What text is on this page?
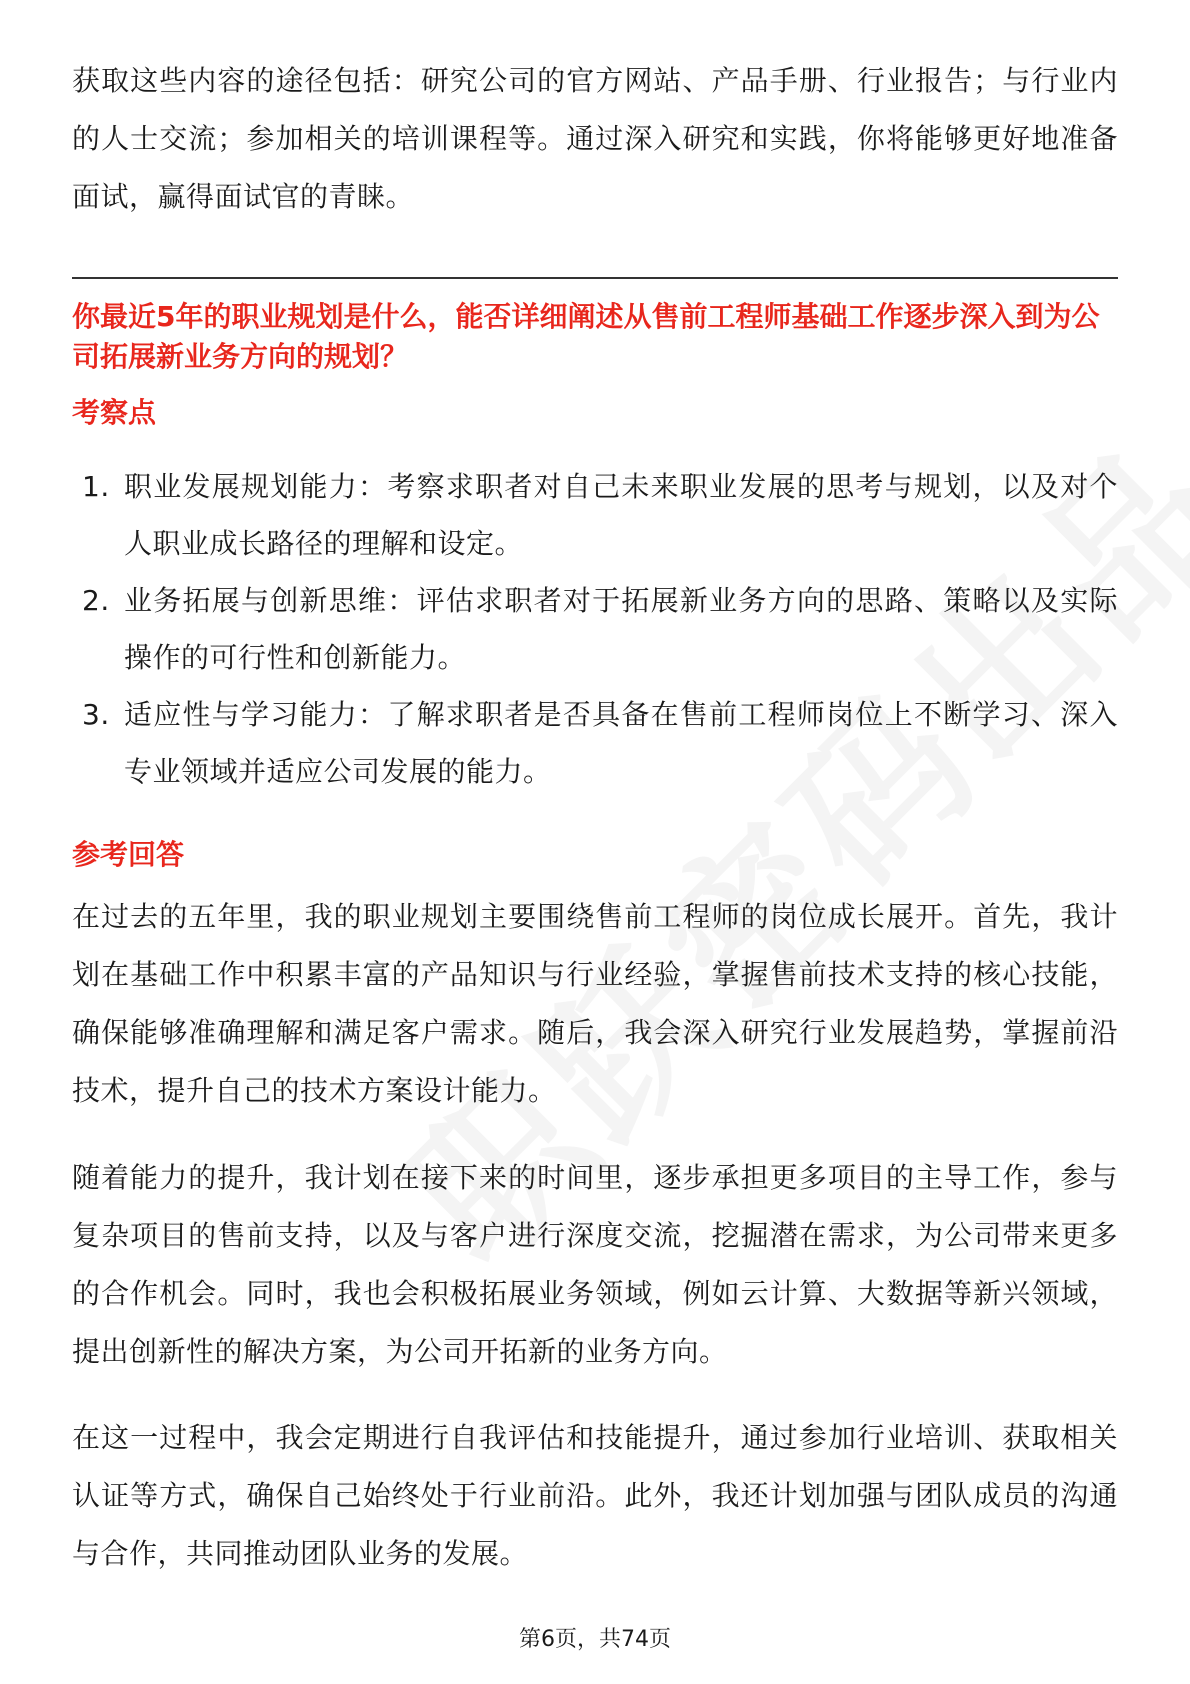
获取这些内容的途径包括：研究公司的官方网站、产品手册、行业报告；与行业内的人士交流；参加相关的培训课程等。通过深入研究和实践，你将能够更好地准备面试，赢得面试官的青睐。

你最近5年的职业规划是什么，能否详细阐述从售前工程师基础工作逐步深入到为公司拓展新业务方向的规划？

考察点

1. 职业发展规划能力：考察求职者对自己未来职业发展的思考与规划，以及对个人职业成长路径的理解和设定。
2. 业务拓展与创新思维：评估求职者对于拓展新业务方向的思路、策略以及实际操作的可行性和创新能力。
3. 适应性与学习能力：了解求职者是否具备在售前工程师岗位上不断学习、深入专业领域并适应公司发展的能力。

参考回答

在过去的五年里，我的职业规划主要围绕售前工程师的岗位成长展开。首先，我计划在基础工作中积累丰富的产品知识与行业经验，掌握售前技术支持的核心技能，确保能够准确理解和满足客户需求。随后，我会深入研究行业发展趋势，掌握前沿技术，提升自己的技术方案设计能力。

随着能力的提升，我计划在接下来的时间里，逐步承担更多项目的主导工作，参与复杂项目的售前支持，以及与客户进行深度交流，挖掘潜在需求，为公司带来更多的合作机会。同时，我也会积极拓展业务领域，例如云计算、大数据等新兴领域，提出创新性的解决方案，为公司开拓新的业务方向。

在这一过程中，我会定期进行自我评估和技能提升，通过参加行业培训、获取相关认证等方式，确保自己始终处于行业前沿。此外，我还计划加强与团队成员的沟通与合作，共同推动团队业务的发展。

第6页，共74页
